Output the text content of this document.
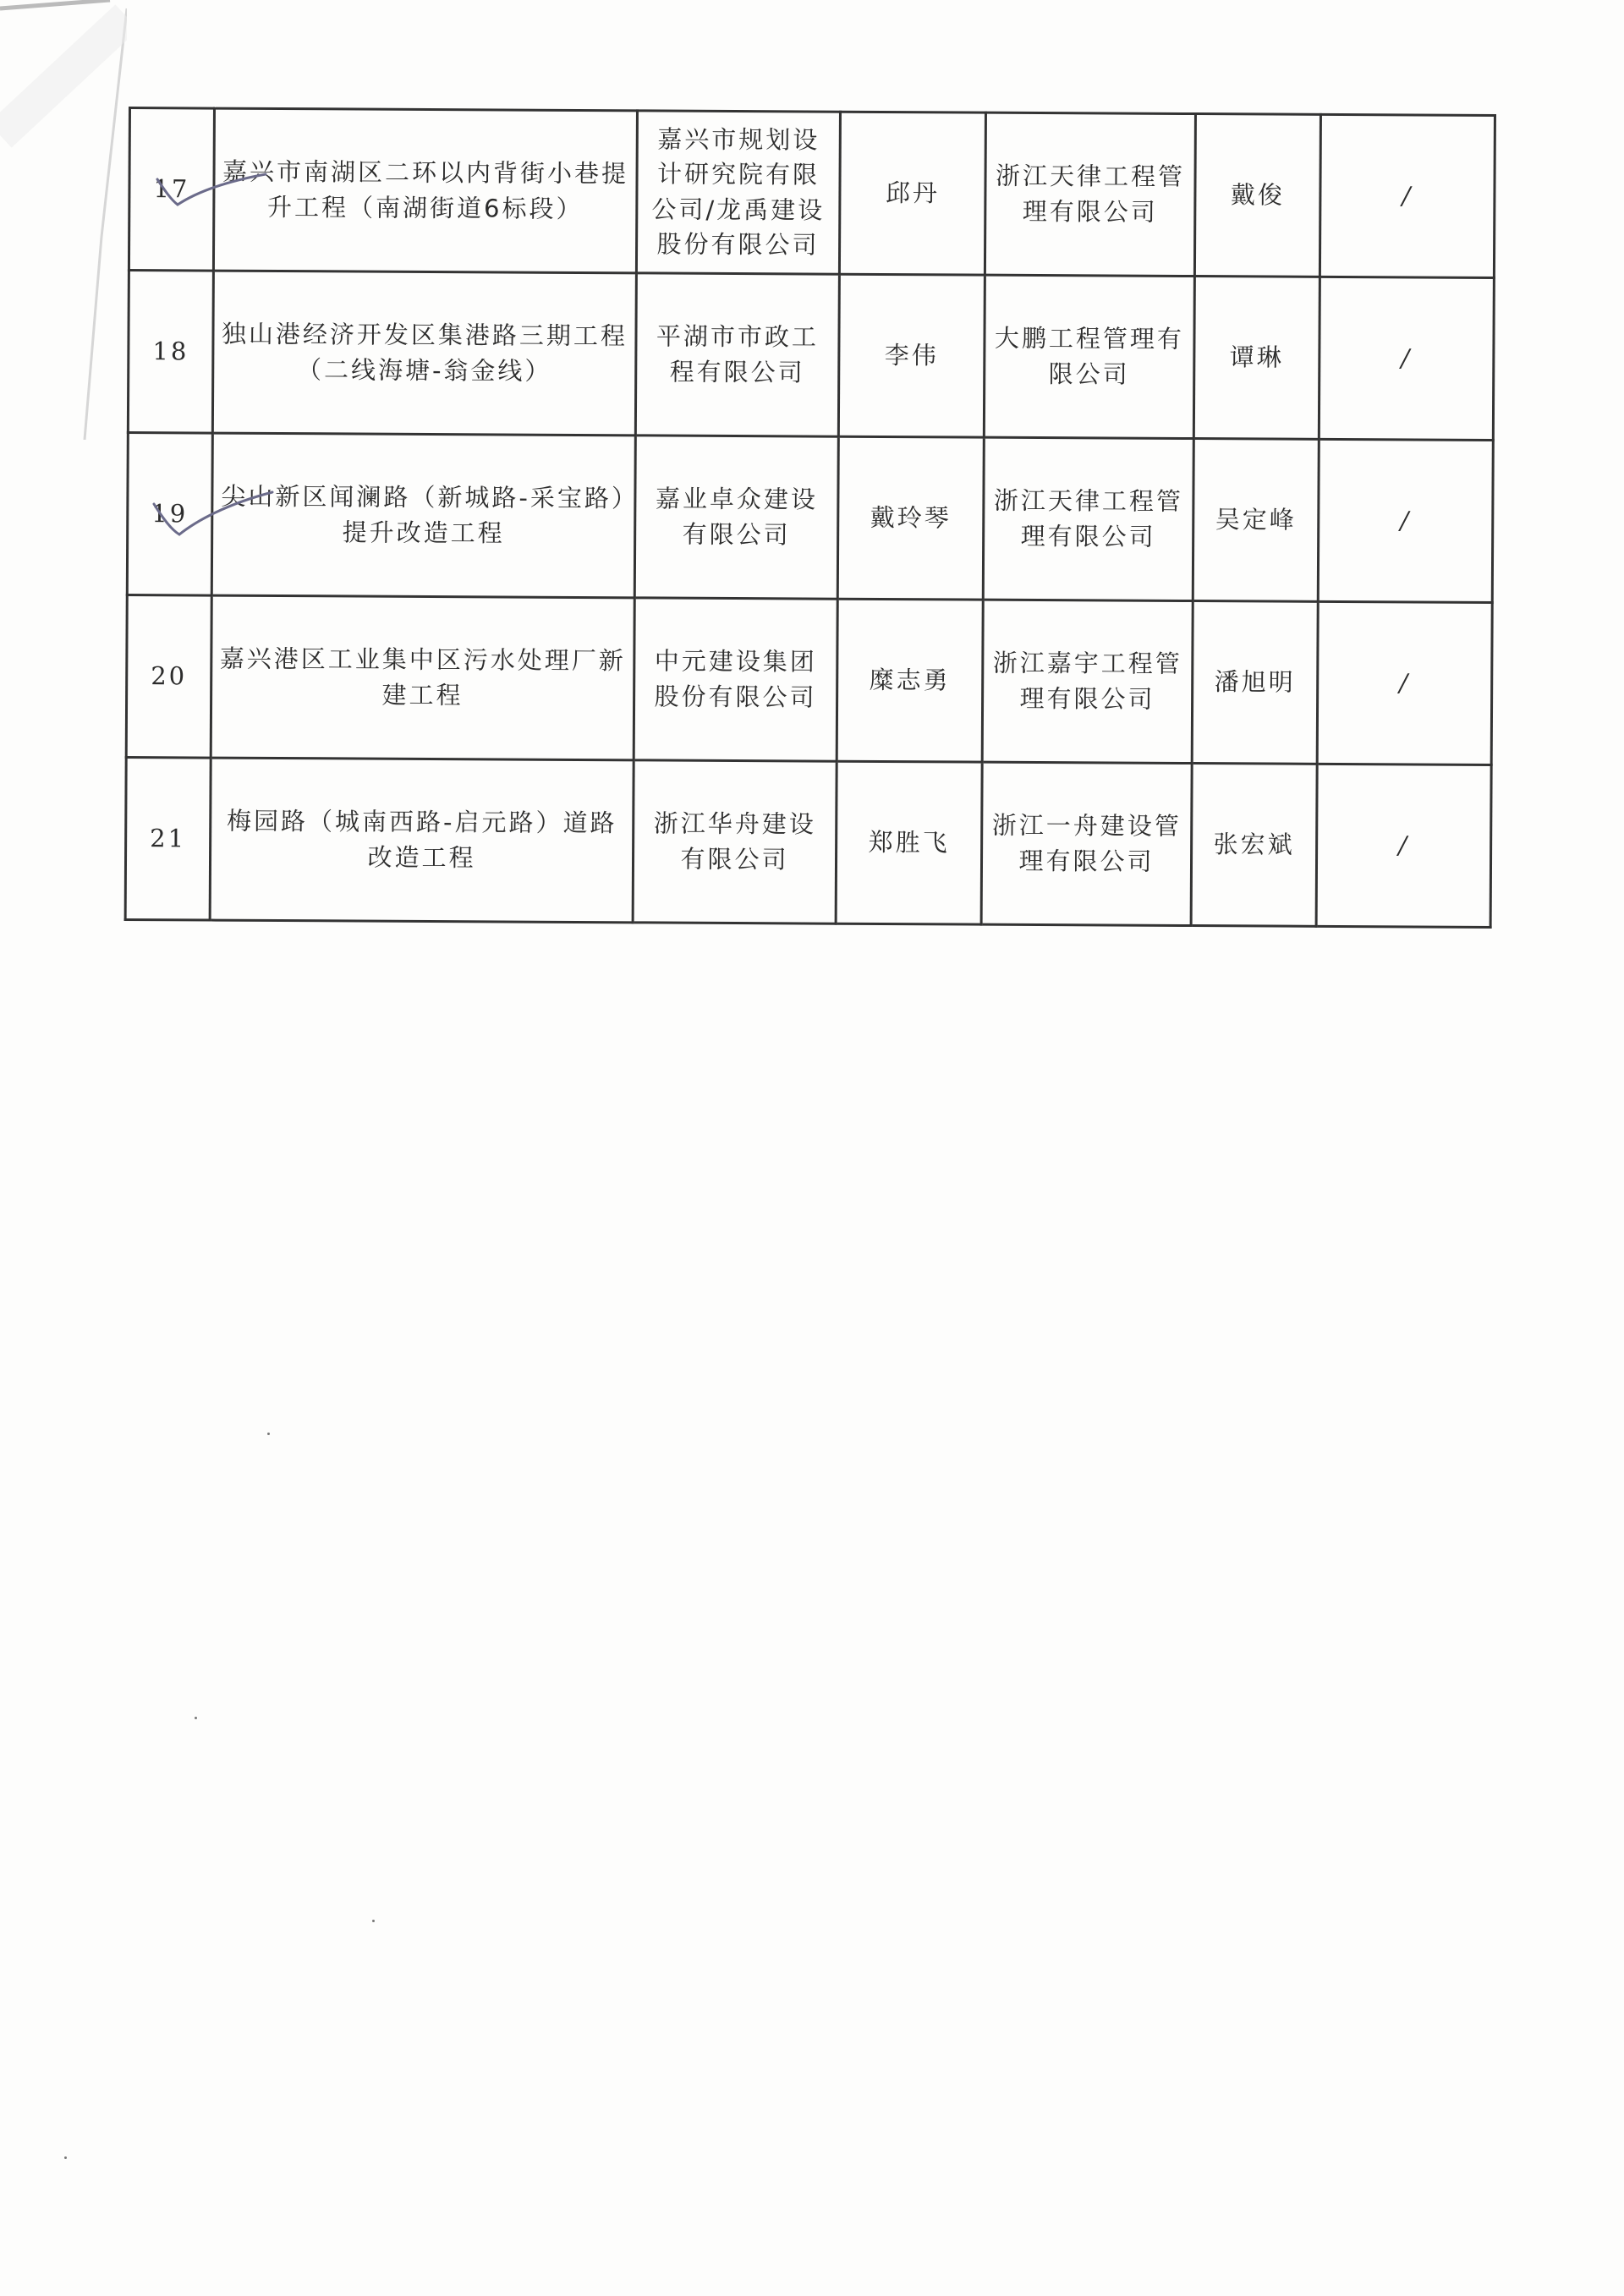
17	嘉兴市南湖区二环以内背街小巷提升工程（南湖街道6标段）	嘉兴市规划设计研究院有限公司/龙禹建设股份有限公司	邱丹	浙江天律工程管理有限公司	戴俊	/
18	独山港经济开发区集港路三期工程（二线海塘-翁金线）	平湖市市政工程有限公司	李伟	大鹏工程管理有限公司	谭琳	/
19	尖山新区闻澜路（新城路-采宝路）提升改造工程	嘉业卓众建设有限公司	戴玲琴	浙江天律工程管理有限公司	吴定峰	/
20	嘉兴港区工业集中区污水处理厂新建工程	中元建设集团股份有限公司	糜志勇	浙江嘉宇工程管理有限公司	潘旭明	/
21	梅园路（城南西路-启元路）道路改造工程	浙江华舟建设有限公司	郑胜飞	浙江一舟建设管理有限公司	张宏斌	/
